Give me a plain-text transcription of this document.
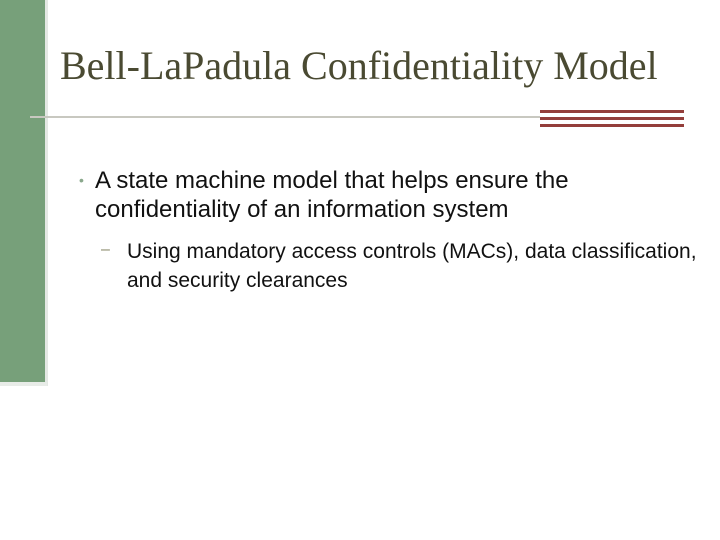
Bell-LaPadula Confidentiality Model
• A state machine model that helps ensure the confidentiality of an information system
– Using mandatory access controls (MACs), data classification, and security clearances
